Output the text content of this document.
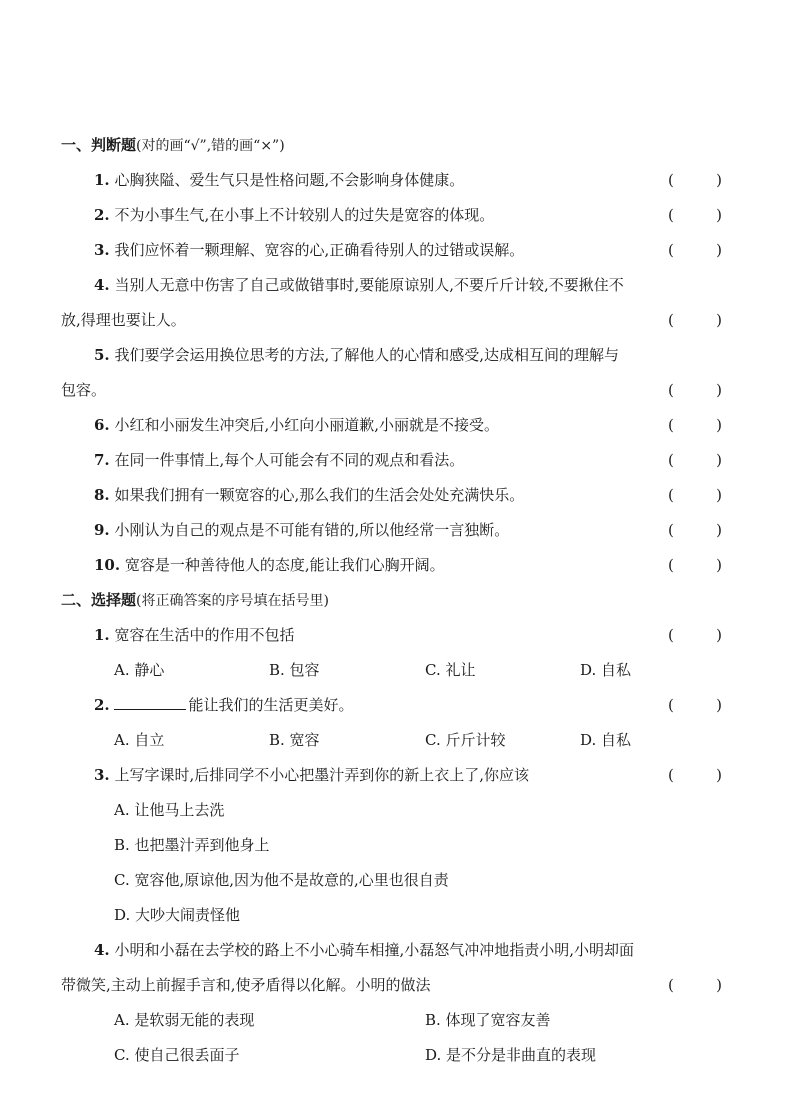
一、判断题(对的画“√”,错的画“×”)
1. 心胸狭隘、爱生气只是性格问题,不会影响身体健康。	(	)
2. 不为小事生气,在小事上不计较别人的过失是宽容的体现。	(	)
3. 我们应怀着一颗理解、宽容的心,正确看待别人的过错或误解。	(	)
4. 当别人无意中伤害了自己或做错事时,要能原谅别人,不要斤斤计较,不要揪住不
放,得理也要让人。	(	)
5. 我们要学会运用换位思考的方法,了解他人的心情和感受,达成相互间的理解与
包容。	(	)
6. 小红和小丽发生冲突后,小红向小丽道歉,小丽就是不接受。	(	)
7. 在同一件事情上,每个人可能会有不同的观点和看法。	(	)
8. 如果我们拥有一颗宽容的心,那么我们的生活会处处充满快乐。	(	)
9. 小刚认为自己的观点是不可能有错的,所以他经常一言独断。	(	)
10. 宽容是一种善待他人的态度,能让我们心胸开阔。	(	)
二、选择题(将正确答案的序号填在括号里)
1. 宽容在生活中的作用不包括	(	)
A. 静心	B. 包容	C. 礼让	D. 自私
2.	能让我们的生活更美好。	(	)
A. 自立	B. 宽容	C. 斤斤计较	D. 自私
3. 上写字课时,后排同学不小心把墨汁弄到你的新上衣上了,你应该	(	)
A. 让他马上去洗
B. 也把墨汁弄到他身上
C. 宽容他,原谅他,因为他不是故意的,心里也很自责
D. 大吵大闹责怪他
4. 小明和小磊在去学校的路上不小心骑车相撞,小磊怒气冲冲地指责小明,小明却面
带微笑,主动上前握手言和,使矛盾得以化解。小明的做法	(	)
A. 是软弱无能的表现	B. 体现了宽容友善
C. 使自己很丢面子	D. 是不分是非曲直的表现
